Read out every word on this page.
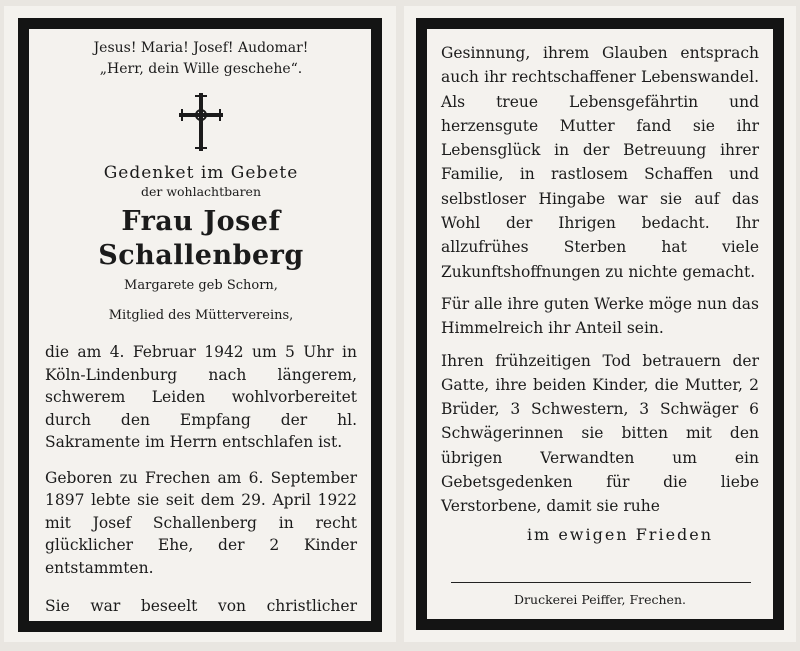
Jesus! Maria! Josef! Audomar!
„Herr, dein Wille geschehe“.
Gedenket im Gebete
der wohlachtbaren
Frau Josef Schallenberg
Margarete geb Schorn,
Mitglied des Müttervereins,

die am 4. Februar 1942 um 5 Uhr in Köln-Lindenburg nach längerem, schwerem Leiden wohlvorbereitet durch den Empfang der hl. Sakramente im Herrn entschlafen ist.

Geboren zu Frechen am 6. September 1897 lebte sie seit dem 29. April 1922 mit Josef Schallenberg in recht glücklicher Ehe, der 2 Kinder entstammten.

Sie war beseelt von christlicher

Gesinnung, ihrem Glauben entsprach auch ihr rechtschaffener Lebenswandel. Als treue Lebensgefährtin und herzensgute Mutter fand sie ihr Lebensglück in der Betreuung ihrer Familie, in rastlosem Schaffen und selbstloser Hingabe war sie auf das Wohl der Ihrigen bedacht. Ihr allzufrühes Sterben hat viele Zukunftshoffnungen zu nichte gemacht.

Für alle ihre guten Werke möge nun das Himmelreich ihr Anteil sein.

Ihren frühzeitigen Tod betrauern der Gatte, ihre beiden Kinder, die Mutter, 2 Brüder, 3 Schwestern, 3 Schwäger 6 Schwägerinnen sie bitten mit den übrigen Verwandten um ein Gebetsgedenken für die liebe Verstorbene, damit sie ruhe

im ewigen Frieden
Druckerei Peiffer, Frechen.
